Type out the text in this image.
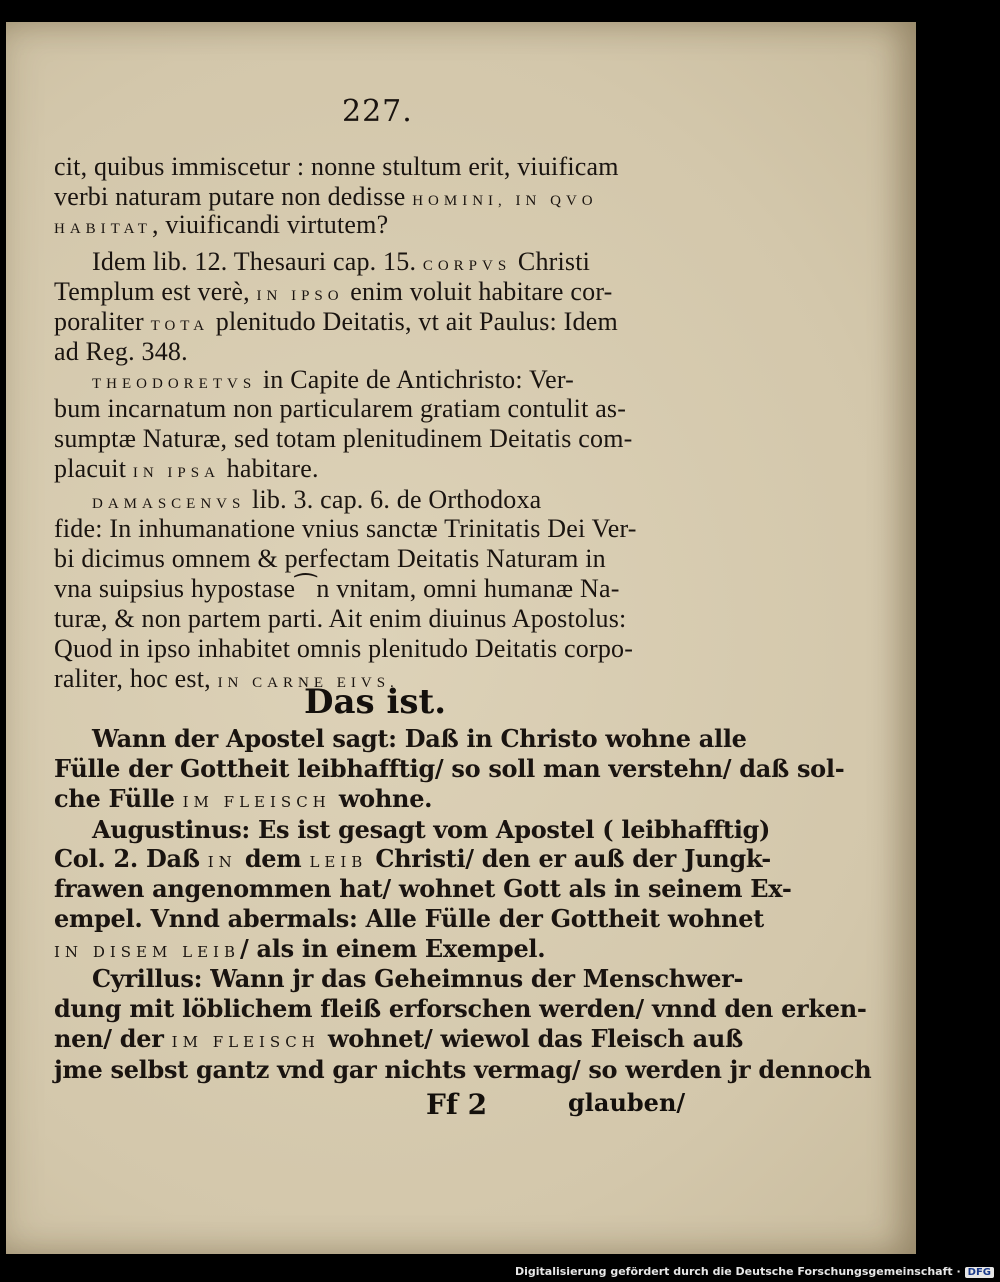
227.
cit, quibus immiscetur : nonne stultum erit, viuificam
verbi naturam putare non dedisse HOMINI, IN QVO
HABITAT, viuificandi virtutem?
Idem lib. 12. Thesauri cap. 15. CORPVS Christi
Templum est verè, IN IPSO enim voluit habitare cor-
poraliter TOTA plenitudo Deitatis, vt ait Paulus: Idem
ad Reg. 348.
THEODORETVS in Capite de Antichristo: Ver-
bum incarnatum non particularem gratiam contulit as-
sumptæ Naturæ, sed totam plenitudinem Deitatis com-
placuit IN IPSA habitare.
DAMASCENVS lib. 3. cap. 6. de Orthodoxa
fide: In inhumanatione vnius sanctæ Trinitatis Dei Ver-
bi dicimus omnem & perfectam Deitatis Naturam in
vna suipsius hypostase⁀n vnitam, omni humanæ Na-
turæ, & non partem parti. Ait enim diuinus Apostolus:
Quod in ipso inhabitet omnis plenitudo Deitatis corpo-
raliter, hoc est, IN CARNE EIVS.
Das ist.
Wann der Apostel sagt: Daß in Christo wohne alle
Fülle der Gottheit leibhafftig/ so soll man verstehn/ daß sol-
che Fülle IM FLEISCH wohne.
Augustinus: Es ist gesagt vom Apostel ( leibhafftig)
Col. 2. Daß IN dem LEIB Christi/ den er auß der Jungk-
frawen angenommen hat/ wohnet Gott als in seinem Ex-
empel. Vnnd abermals: Alle Fülle der Gottheit wohnet
IN DISEM LEIB/ als in einem Exempel.
Cyrillus: Wann jr das Geheimnus der Menschwer-
dung mit löblichem fleiß erforschen werden/ vnnd den erken-
nen/ der IM FLEISCH wohnet/ wiewol das Fleisch auß
jme selbst gantz vnd gar nichts vermag/ so werden jr dennoch
Ff 2	glauben/
Digitalisierung gefördert durch die Deutsche Forschungsgemeinschaft · DFG
